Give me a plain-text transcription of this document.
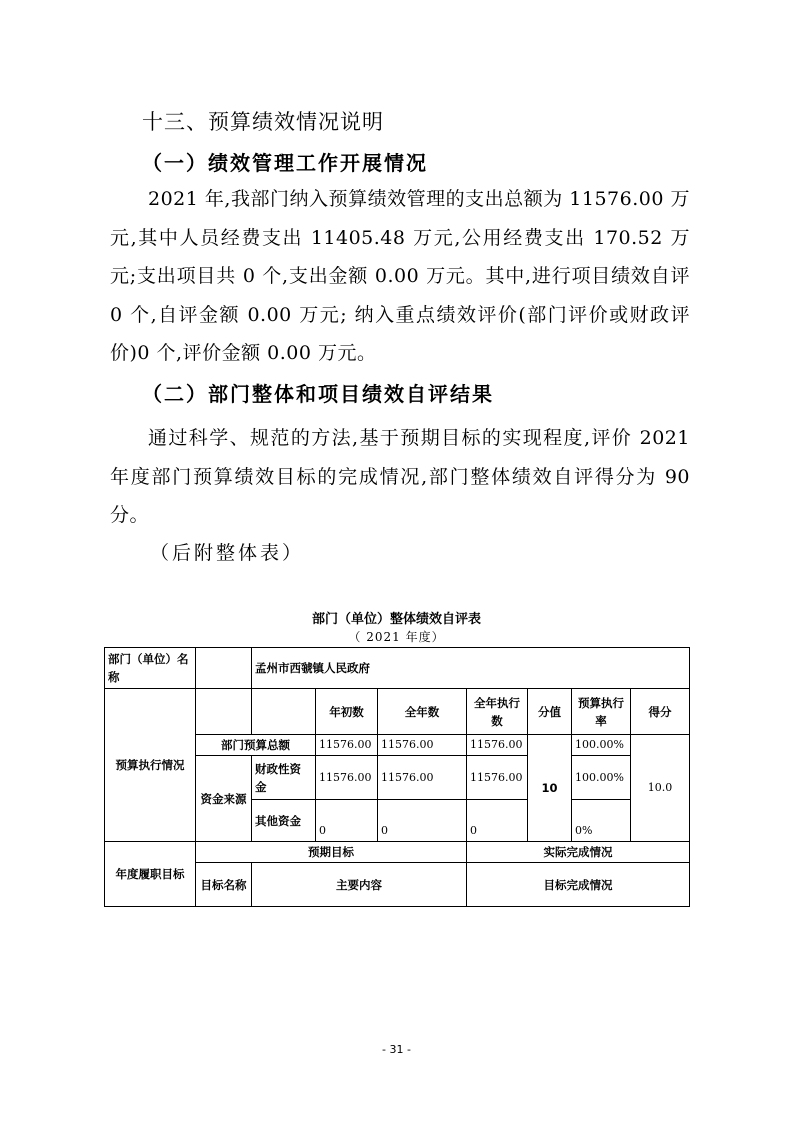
十三、预算绩效情况说明
（一）绩效管理工作开展情况

2021 年,我部门纳入预算绩效管理的支出总额为 11576.00 万元,其中人员经费支出 11405.48 万元,公用经费支出 170.52 万元;支出项目共 0 个,支出金额 0.00 万元。其中,进行项目绩效自评 0 个,自评金额 0.00 万元; 纳入重点绩效评价(部门评价或财政评价)0 个,评价金额 0.00 万元。

（二）部门整体和项目绩效自评结果

通过科学、规范的方法,基于预期目标的实现程度,评价 2021 年度部门预算绩效目标的完成情况,部门整体绩效自评得分为 90 分。

（后附整体表）
部门（单位）整体绩效自评表
（ 2021 年度）
部门（单位）名称		孟州市西虢镇人民政府						
预算执行情况			年初数	全年数	全年执行数	分值	预算执行率	得分
	部门预算总额		11576.00	11576.00	11576.00	10	100.00%	10.0
	资金来源	财政性资金	11576.00	11576.00	11576.00		100.00%	
		其他资金	0	0	0		0%	
年度履职目标	预期目标				实际完成情况			
	目标名称	主要内容			目标完成情况			
- 31 -
